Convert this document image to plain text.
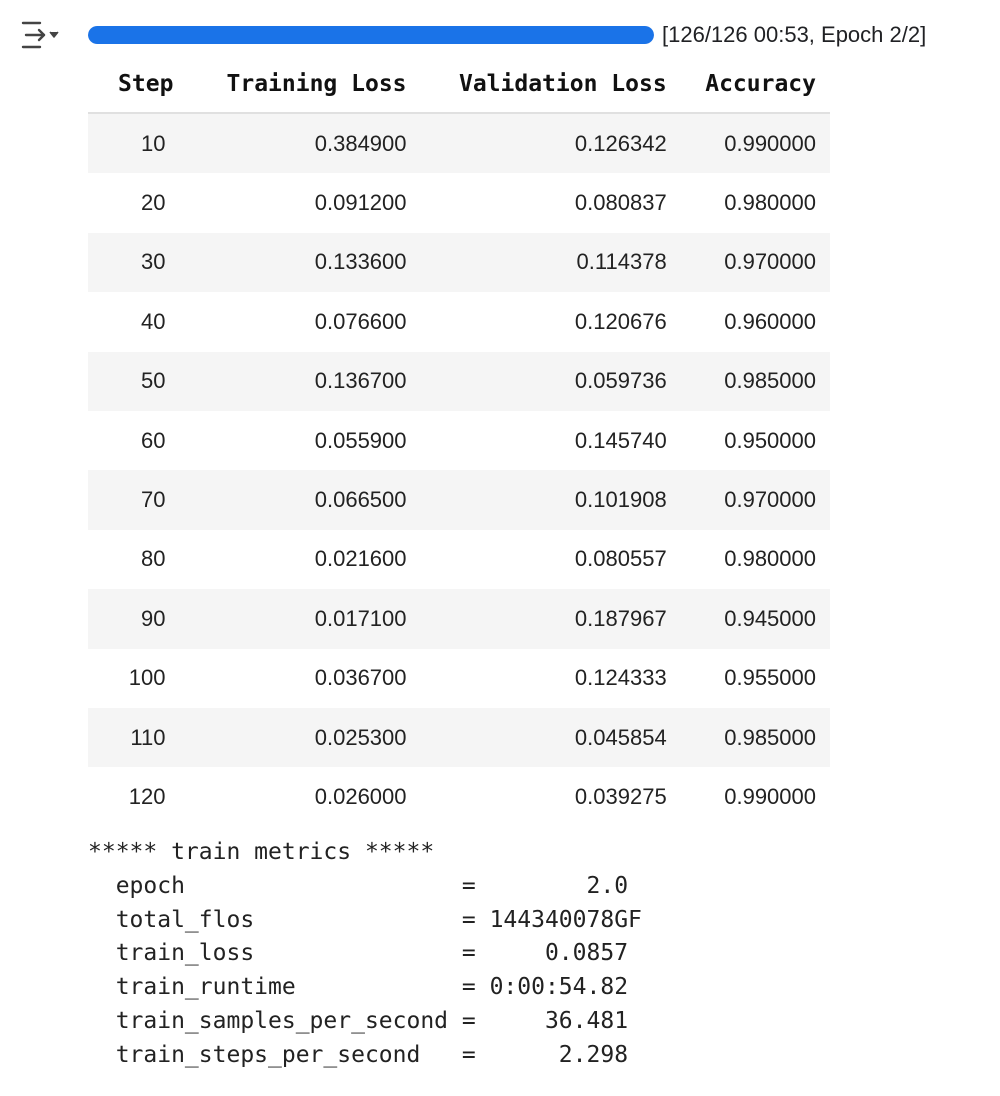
[126/126 00:53, Epoch 2/2]
Step	Training Loss	Validation Loss	Accuracy
10	0.384900	0.126342	0.990000
20	0.091200	0.080837	0.980000
30	0.133600	0.114378	0.970000
40	0.076600	0.120676	0.960000
50	0.136700	0.059736	0.985000
60	0.055900	0.145740	0.950000
70	0.066500	0.101908	0.970000
80	0.021600	0.080557	0.980000
90	0.017100	0.187967	0.945000
100	0.036700	0.124333	0.955000
110	0.025300	0.045854	0.985000
120	0.026000	0.039275	0.990000
***** train metrics *****
epoch                    =        2.0
total_flos               = 144340078GF
train_loss               =     0.0857
train_runtime            = 0:00:54.82
train_samples_per_second =     36.481
train_steps_per_second   =      2.298
